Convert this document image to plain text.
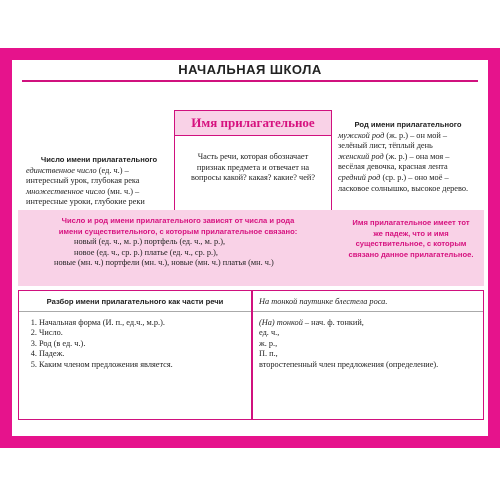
НАЧАЛЬНАЯ ШКОЛА
Число имени прилагательного
единственное число (ед. ч.) –
интересный урок, глубокая река
множественное число (мн. ч.) –
интересные уроки, глубокие реки
Имя прилагательное
Часть речи, которая обозначает признак предмета и отвечает на вопросы какой? какая? какие? чей?
Род имени прилагательного
мужской род (ж. р.) – он мой –
зелёный лист, тёплый день
женский род (ж. р.) – она моя –
весёлая девочка, красная лента
средний род (ср. р.) – оно моё –
ласковое солнышко, высокое дерево.
Число и род имени прилагательного зависят от числа и рода
имени существительного, с которым прилагательное связано:
новый (ед. ч., м. р.) портфель (ед. ч., м. р.),
новое (ед. ч., ср. р.) платье (ед. ч., ср. р.),
новые (мн. ч.) портфели (мн. ч.), новые (мн. ч.) платья (мн. ч.)
Имя прилагательное имеет тот же падеж, что и имя существительное, с которым связано данное прилагательное.
Разбор имени прилагательного как части речи
1. Начальная форма (И. п., ед.ч., м.р.).
2. Число.
3. Род (в ед. ч.).
4. Падеж.
5. Каким членом предложения является.
На тонкой паутинке блестела роса.
(На) тонкой – нач. ф. тонкий,
ед. ч.,
ж. р.,
П. п.,
второстепенный член предложения (определение).
